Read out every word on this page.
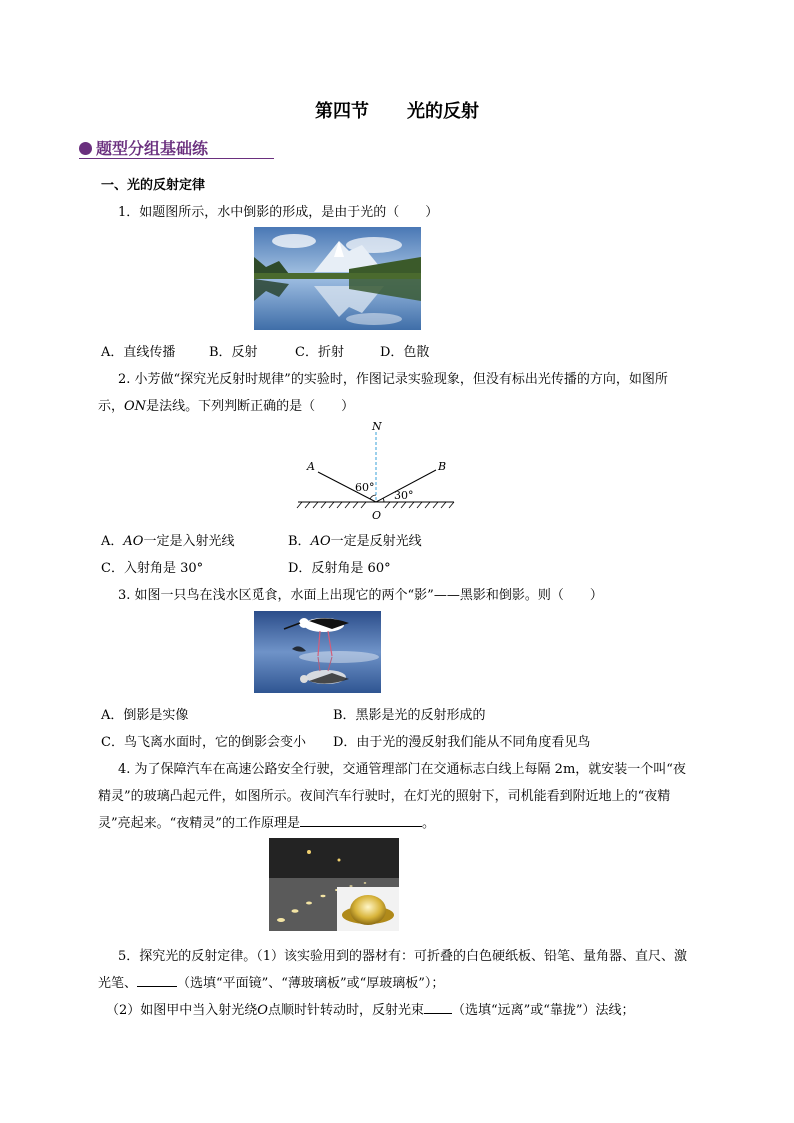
第四节 光的反射
题型分组基础练
一、光的反射定律
1．如题图所示，水中倒影的形成，是由于光的（　　）
A．直线传播	B．反射	C．折射	D．色散
2. 小芳做“探究光反射时规律”的实验时，作图记录实验现象，但没有标出光传播的方向，如图所
示，ON是法线。下列判断正确的是（　　）
N
A	B
O
60°
30°
A．AO一定是入射光线	B．AO一定是反射光线
C．入射角是 30°	D．反射角是 60°
3. 如图一只鸟在浅水区觅食，水面上出现它的两个“影”——黑影和倒影。则（　　）
A．倒影是实像	B．黑影是光的反射形成的
C．鸟飞离水面时，它的倒影会变小 D．由于光的漫反射我们能从不同角度看见鸟
4. 为了保障汽车在高速公路安全行驶，交通管理部门在交通标志白线上每隔 2m，就安装一个叫“夜
精灵”的玻璃凸起元件，如图所示。夜间汽车行驶时，在灯光的照射下，司机能看到附近地上的“夜精
灵”亮起来。“夜精灵”的工作原理是	。
5．探究光的反射定律。（1）该实验用到的器材有：可折叠的白色硬纸板、铅笔、量角器、直尺、激
光笔、	（选填“平面镜”、“薄玻璃板”或“厚玻璃板”）；
（2）如图甲中当入射光绕O点顺时针转动时，反射光束 （选填“远离”或“靠拢”）法线；
